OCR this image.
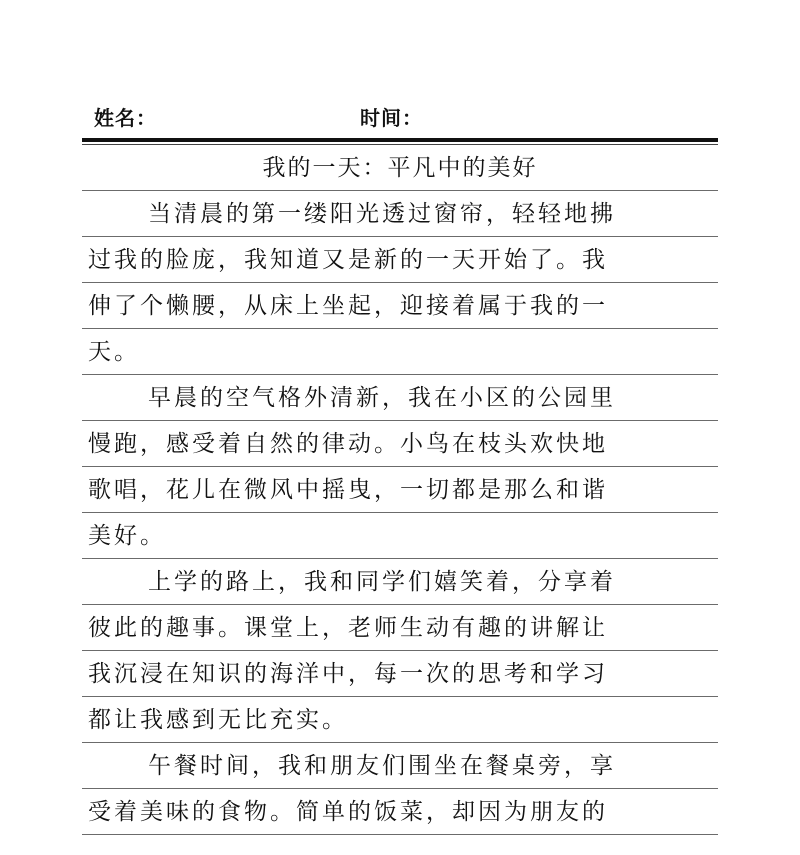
姓名：	时间：
我的一天：平凡中的美好
当清晨的第一缕阳光透过窗帘，轻轻地拂
过我的脸庞，我知道又是新的一天开始了。我
伸了个懒腰，从床上坐起，迎接着属于我的一
天。
早晨的空气格外清新，我在小区的公园里
慢跑，感受着自然的律动。小鸟在枝头欢快地
歌唱，花儿在微风中摇曳，一切都是那么和谐
美好。
上学的路上，我和同学们嬉笑着，分享着
彼此的趣事。课堂上，老师生动有趣的讲解让
我沉浸在知识的海洋中，每一次的思考和学习
都让我感到无比充实。
午餐时间，我和朋友们围坐在餐桌旁，享
受着美味的食物。简单的饭菜，却因为朋友的
